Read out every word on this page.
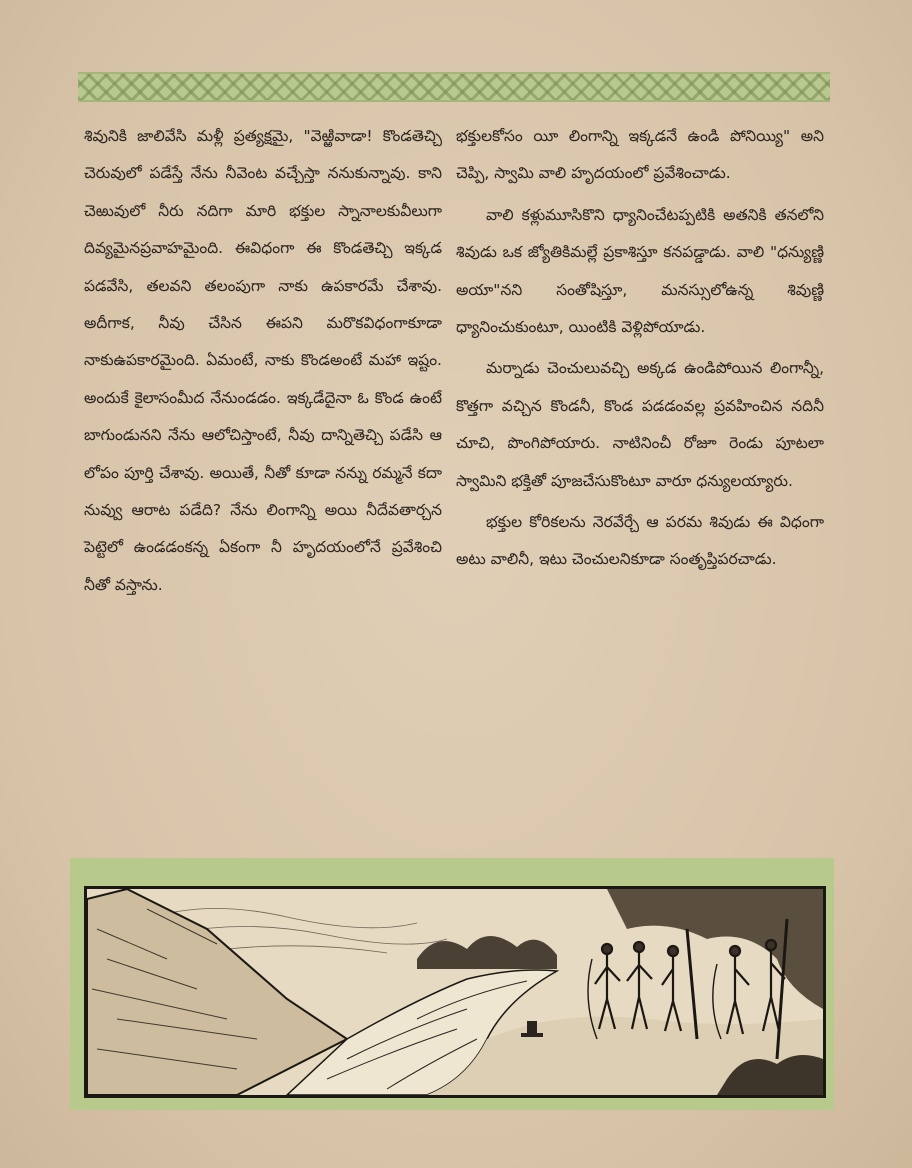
శివునికి జాలివేసి మళ్లీ ప్రత్యక్షమై, "వెఱ్ఱివాడా! కొండతెచ్చి చెరువులో పడేస్తే నేను నీవెంట వచ్చేస్తా ననుకున్నావు. కాని చెఱువులో నీరు నదిగా మారి భక్తుల స్నానాలకువీలుగా దివ్యమైనప్రవాహమైంది. ఈవిధంగా ఈ కొండతెచ్చి ఇక్కడ పడవేసి, తలవని తలంపుగా నాకు ఉపకారమే చేశావు. అదీగాక, నీవు చేసిన ఈపని మరొకవిధంగాకూడా నాకుఉపకారమైంది. ఏమంటే, నాకు కొండఅంటే మహా ఇష్టం. అందుకే కైలాసంమీద నేనుండడం. ఇక్కడేదైనా ఓ కొండ ఉంటే బాగుండునని నేను ఆలోచిస్తాంటే, నీవు దాన్నితెచ్చి పడేసి ఆ లోపం పూర్తి చేశావు. అయితే, నీతో కూడా నన్ను రమ్మనే కదా నువ్వు ఆరాట పడేది? నేను లింగాన్ని అయి నీదేవతార్చన పెట్టెలో ఉండడంకన్న ఏకంగా నీ హృదయంలోనే ప్రవేశించి నీతో వస్తాను.

భక్తులకోసం యీ లింగాన్ని ఇక్కడనే ఉండి పోనియ్యి" అని చెప్పి, స్వామి వాలి హృదయంలో ప్రవేశించాడు.

వాలి కళ్లుమూసికొని ధ్యానించేటప్పటికి అతనికి తనలోని శివుడు ఒక జ్యోతికిమల్లే ప్రకాశిస్తూ కనపడ్డాడు. వాలి "ధన్యుణ్ణి అయా"నని సంతోషిస్తూ, మనస్సులోఉన్న శివుణ్ణి ధ్యానించుకుంటూ, యింటికి వెళ్లిపోయాడు.

మర్నాడు చెంచులువచ్చి అక్కడ ఉండిపోయిన లింగాన్నీ, కొత్తగా వచ్చిన కొండనీ, కొండ పడడంవల్ల ప్రవహించిన నదినీ చూచి, పొంగిపోయారు. నాటినించీ రోజూ రెండు పూటలా స్వామిని భక్తితో పూజచేసుకొంటూ వారూ ధన్యులయ్యారు.

భక్తుల కోరికలను నెరవేర్చే ఆ పరమ శివుడు ఈ విధంగా అటు వాలినీ, ఇటు చెంచులనికూడా సంతృప్తిపరచాడు.
